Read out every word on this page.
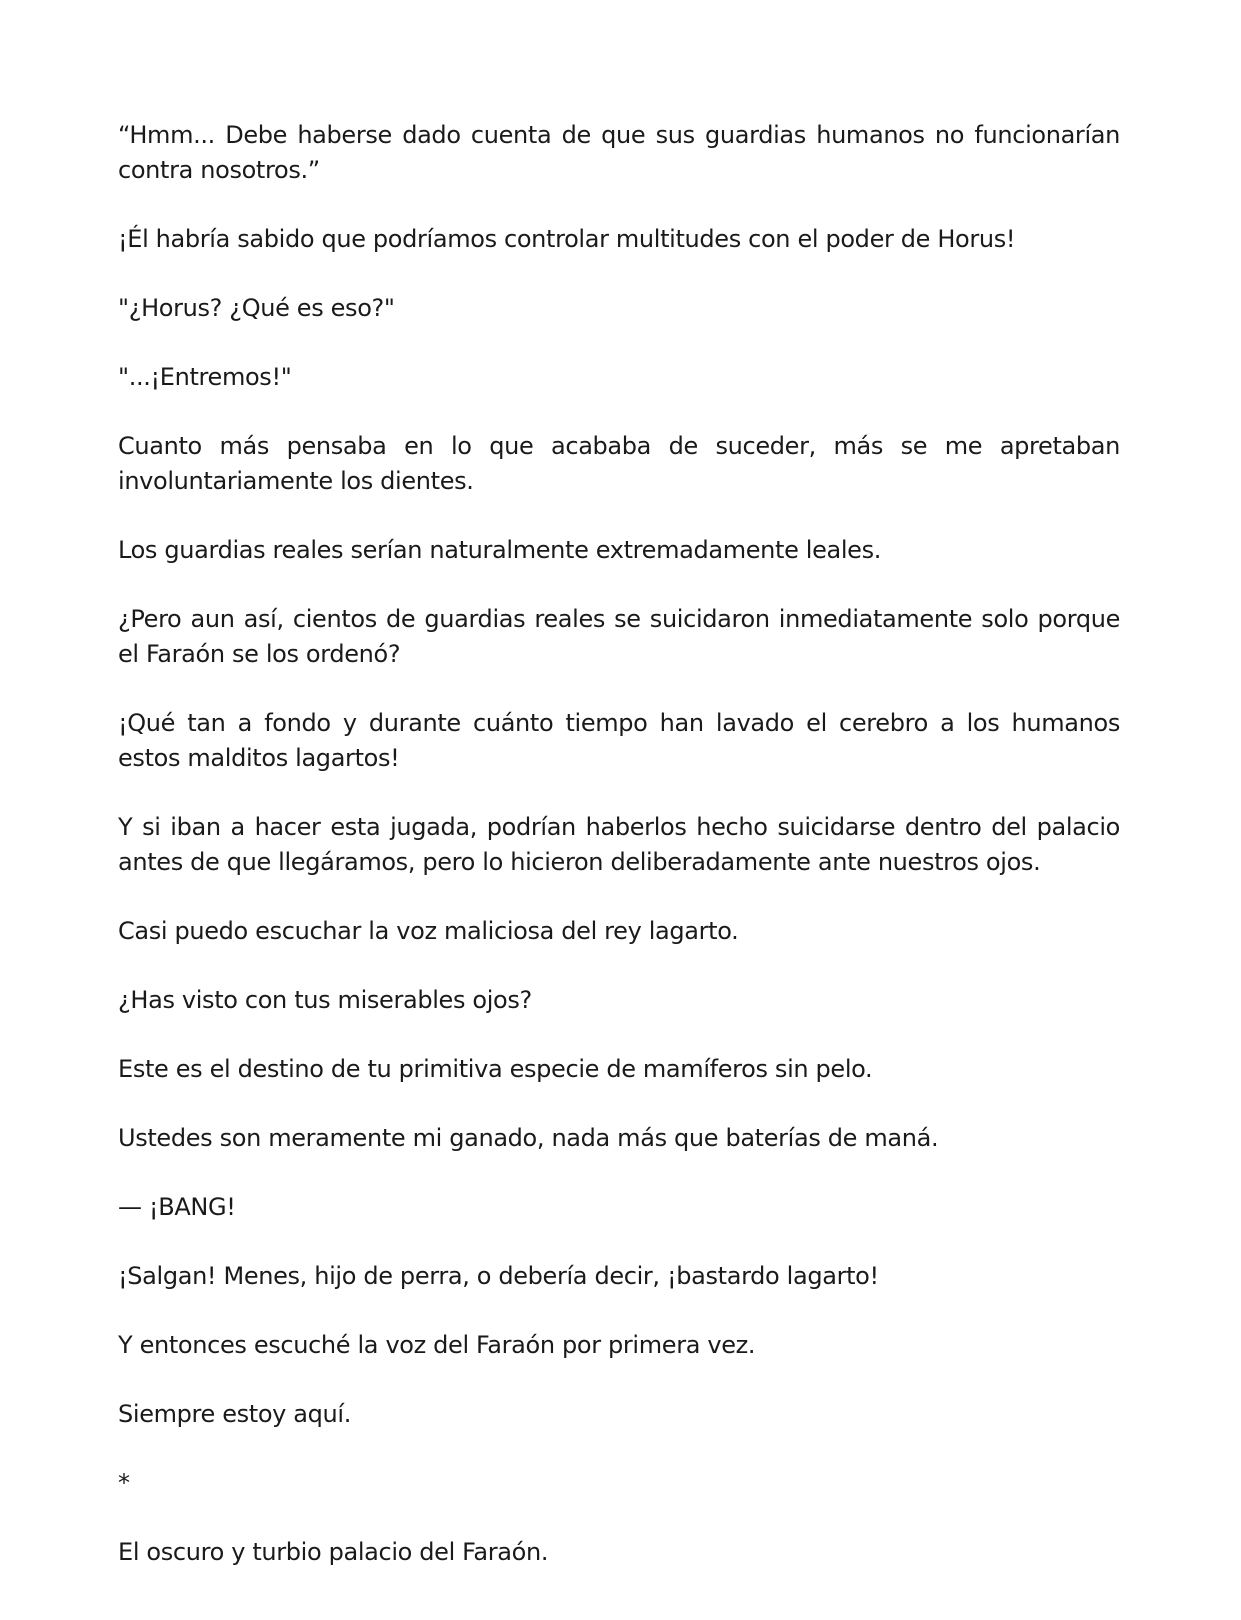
“Hmm... Debe haberse dado cuenta de que sus guardias humanos no funcionarían contra nosotros.”

¡Él habría sabido que podríamos controlar multitudes con el poder de Horus!

"¿Horus? ¿Qué es eso?"

"...¡Entremos!"

Cuanto más pensaba en lo que acababa de suceder, más se me apretaban involuntariamente los dientes.

Los guardias reales serían naturalmente extremadamente leales.

¿Pero aun así, cientos de guardias reales se suicidaron inmediatamente solo porque el Faraón se los ordenó?

¡Qué tan a fondo y durante cuánto tiempo han lavado el cerebro a los humanos estos malditos lagartos!

Y si iban a hacer esta jugada, podrían haberlos hecho suicidarse dentro del palacio antes de que llegáramos, pero lo hicieron deliberadamente ante nuestros ojos.

Casi puedo escuchar la voz maliciosa del rey lagarto.

¿Has visto con tus miserables ojos?

Este es el destino de tu primitiva especie de mamíferos sin pelo.

Ustedes son meramente mi ganado, nada más que baterías de maná.

— ¡BANG!

¡Salgan! Menes, hijo de perra, o debería decir, ¡bastardo lagarto!

Y entonces escuché la voz del Faraón por primera vez.

Siempre estoy aquí.

*

El oscuro y turbio palacio del Faraón.
